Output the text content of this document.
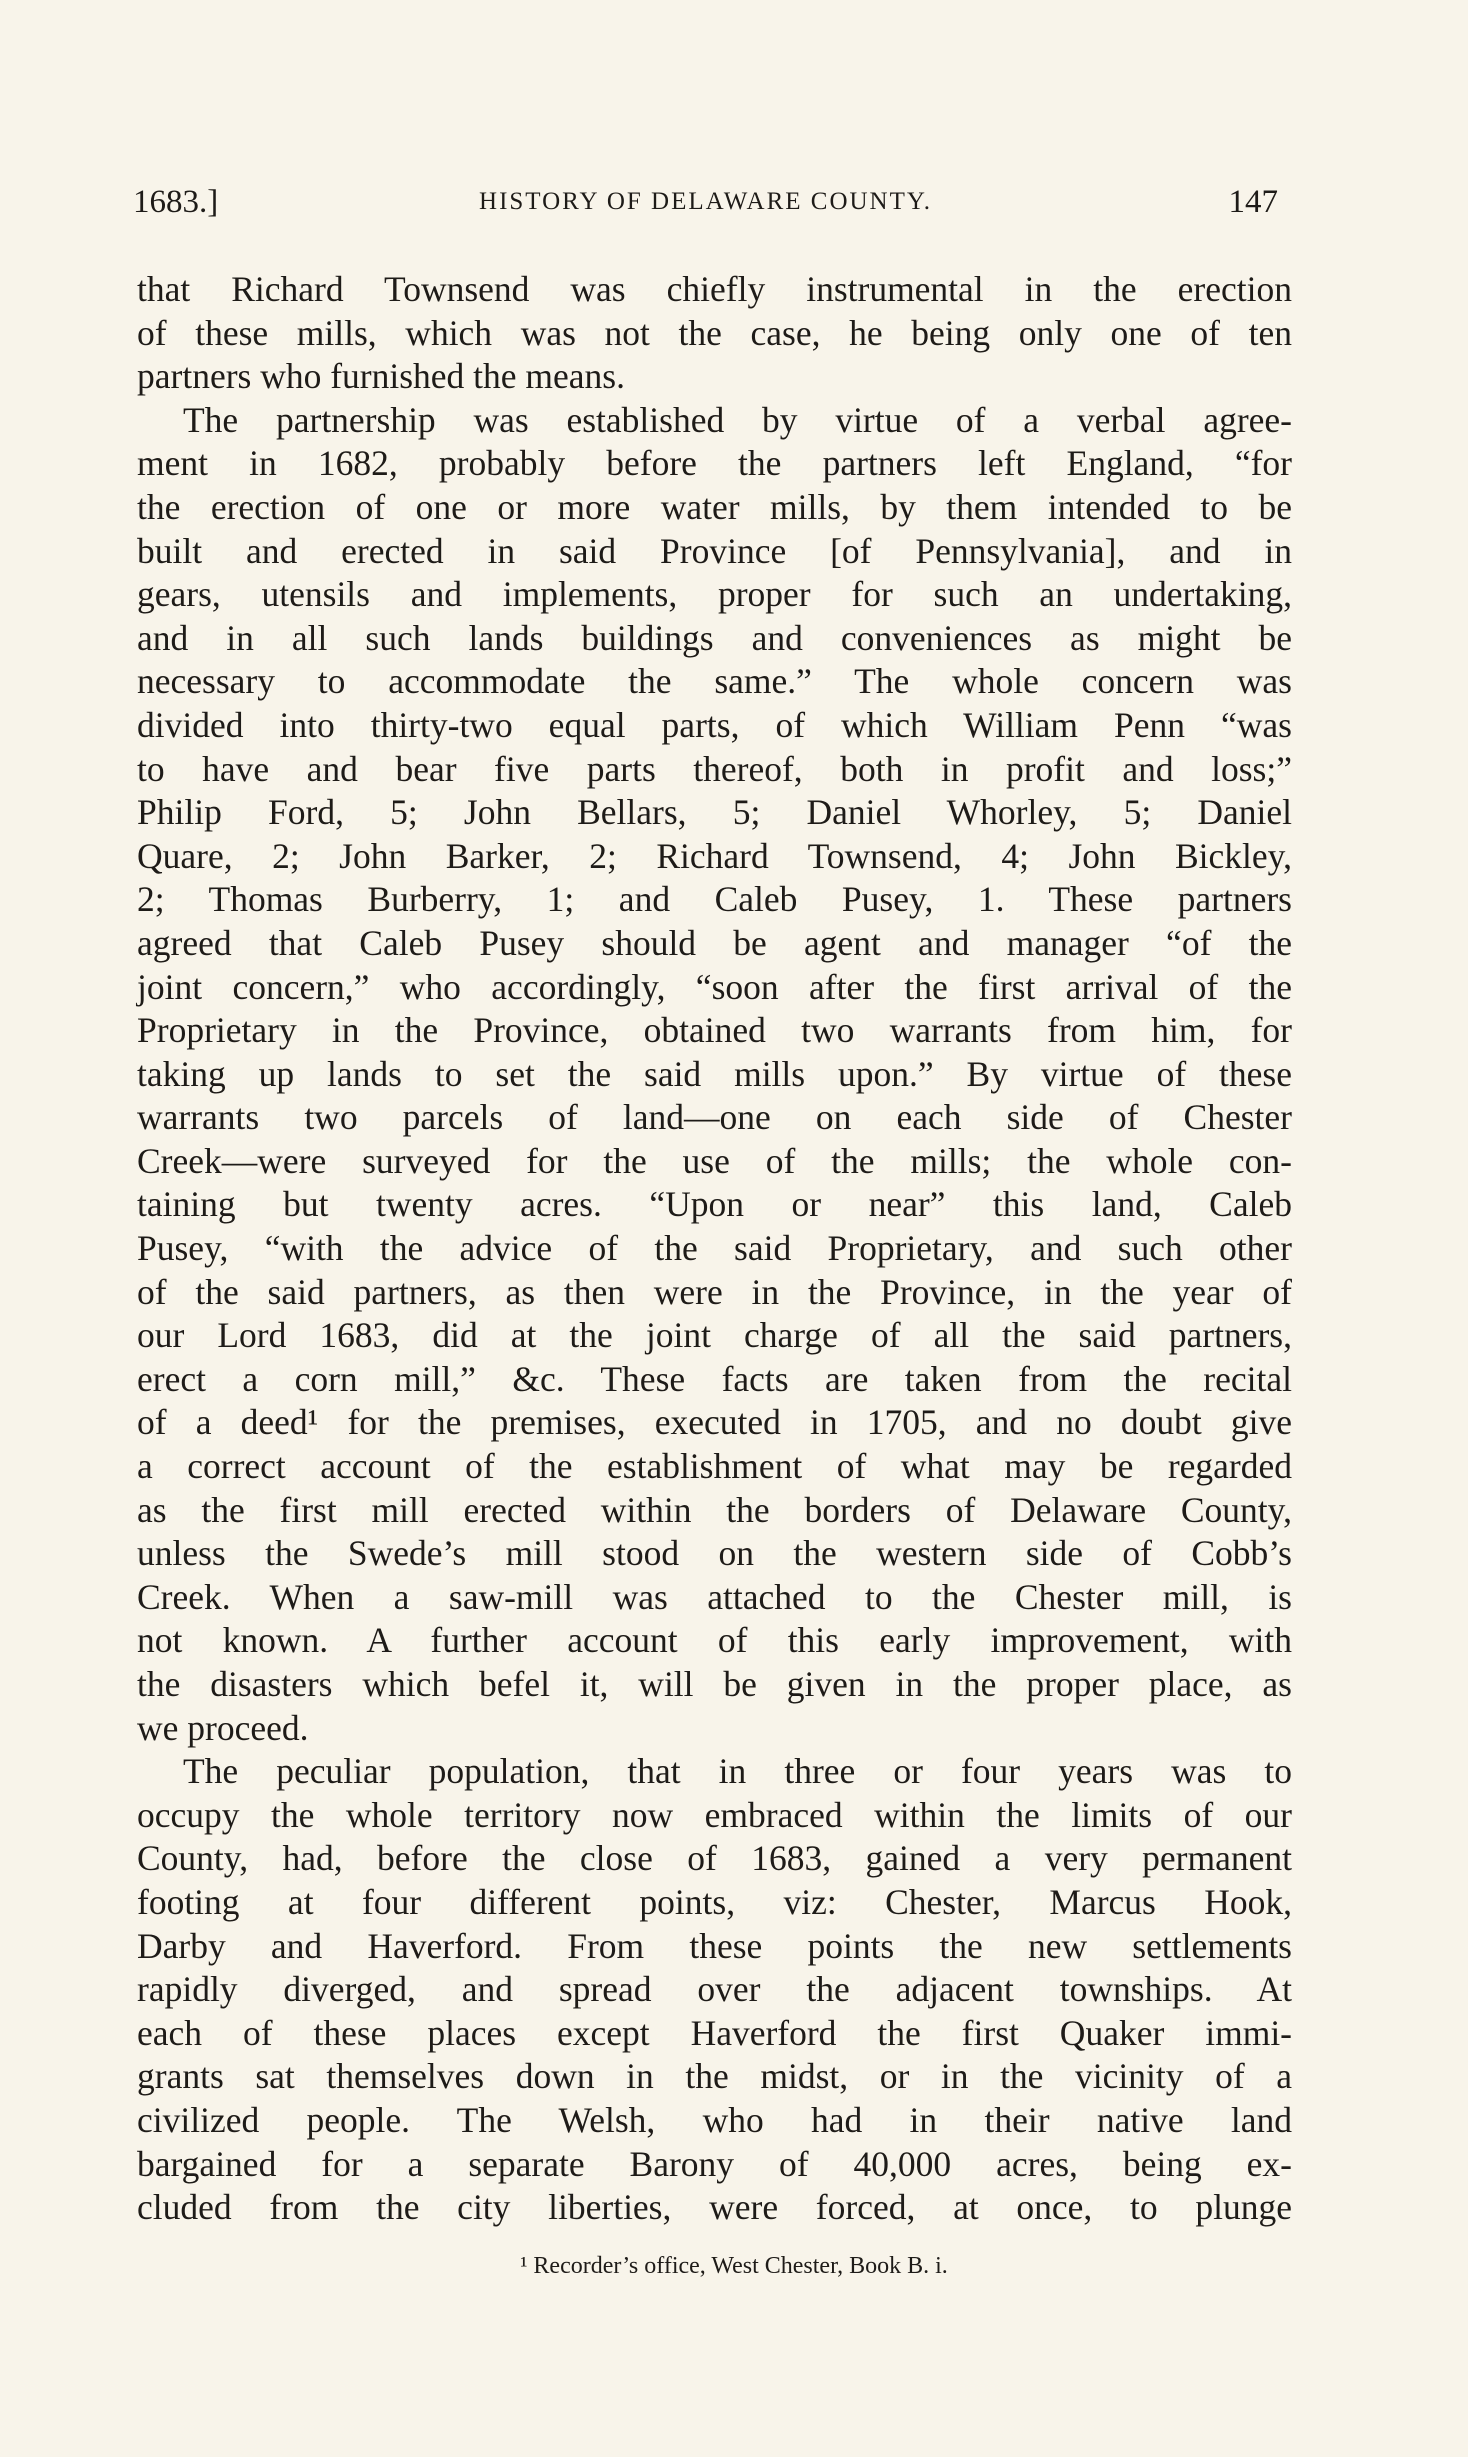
1683.]	HISTORY OF DELAWARE COUNTY.	147
that Richard Townsend was chiefly instrumental in the erection
of these mills, which was not the case, he being only one of ten
partners who furnished the means.
The partnership was established by virtue of a verbal agree-
ment in 1682, probably before the partners left England, “for
the erection of one or more water mills, by them intended to be
built and erected in said Province [of Pennsylvania], and in
gears, utensils and implements, proper for such an undertaking,
and in all such lands buildings and conveniences as might be
necessary to accommodate the same.” The whole concern was
divided into thirty-two equal parts, of which William Penn “was
to have and bear five parts thereof, both in profit and loss;”
Philip Ford, 5; John Bellars, 5; Daniel Whorley, 5; Daniel
Quare, 2; John Barker, 2; Richard Townsend, 4; John Bickley,
2; Thomas Burberry, 1; and Caleb Pusey, 1. These partners
agreed that Caleb Pusey should be agent and manager “of the
joint concern,” who accordingly, “soon after the first arrival of the
Proprietary in the Province, obtained two warrants from him, for
taking up lands to set the said mills upon.” By virtue of these
warrants two parcels of land—one on each side of Chester
Creek—were surveyed for the use of the mills; the whole con-
taining but twenty acres. “Upon or near” this land, Caleb
Pusey, “with the advice of the said Proprietary, and such other
of the said partners, as then were in the Province, in the year of
our Lord 1683, did at the joint charge of all the said partners,
erect a corn mill,” &c. These facts are taken from the recital
of a deed¹ for the premises, executed in 1705, and no doubt give
a correct account of the establishment of what may be regarded
as the first mill erected within the borders of Delaware County,
unless the Swede’s mill stood on the western side of Cobb’s
Creek. When a saw-mill was attached to the Chester mill, is
not known. A further account of this early improvement, with
the disasters which befel it, will be given in the proper place, as
we proceed.
The peculiar population, that in three or four years was to
occupy the whole territory now embraced within the limits of our
County, had, before the close of 1683, gained a very permanent
footing at four different points, viz: Chester, Marcus Hook,
Darby and Haverford. From these points the new settlements
rapidly diverged, and spread over the adjacent townships. At
each of these places except Haverford the first Quaker immi-
grants sat themselves down in the midst, or in the vicinity of a
civilized people. The Welsh, who had in their native land
bargained for a separate Barony of 40,000 acres, being ex-
cluded from the city liberties, were forced, at once, to plunge
¹ Recorder’s office, West Chester, Book B. i.
